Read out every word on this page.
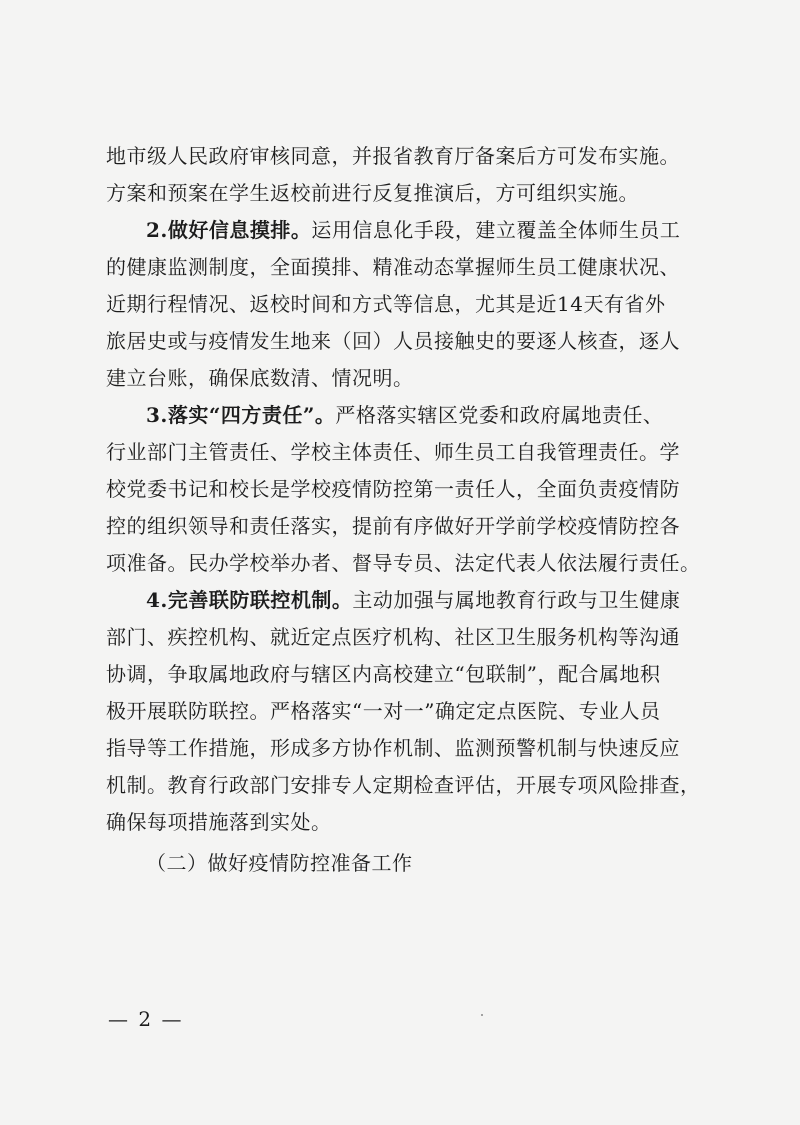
地市级人民政府审核同意，并报省教育厅备案后方可发布实施。
方案和预案在学生返校前进行反复推演后，方可组织实施。

2.做好信息摸排。运用信息化手段，建立覆盖全体师生员工
的健康监测制度，全面摸排、精准动态掌握师生员工健康状况、
近期行程情况、返校时间和方式等信息，尤其是近14天有省外
旅居史或与疫情发生地来（回）人员接触史的要逐人核查，逐人
建立台账，确保底数清、情况明。

3.落实“四方责任”。严格落实辖区党委和政府属地责任、
行业部门主管责任、学校主体责任、师生员工自我管理责任。学
校党委书记和校长是学校疫情防控第一责任人，全面负责疫情防
控的组织领导和责任落实，提前有序做好开学前学校疫情防控各
项准备。民办学校举办者、督导专员、法定代表人依法履行责任。

4.完善联防联控机制。主动加强与属地教育行政与卫生健康
部门、疾控机构、就近定点医疗机构、社区卫生服务机构等沟通
协调，争取属地政府与辖区内高校建立“包联制”，配合属地积
极开展联防联控。严格落实“一对一”确定定点医院、专业人员
指导等工作措施，形成多方协作机制、监测预警机制与快速反应
机制。教育行政部门安排专人定期检查评估，开展专项风险排查，
确保每项措施落到实处。

（二）做好疫情防控准备工作

— 2 —
